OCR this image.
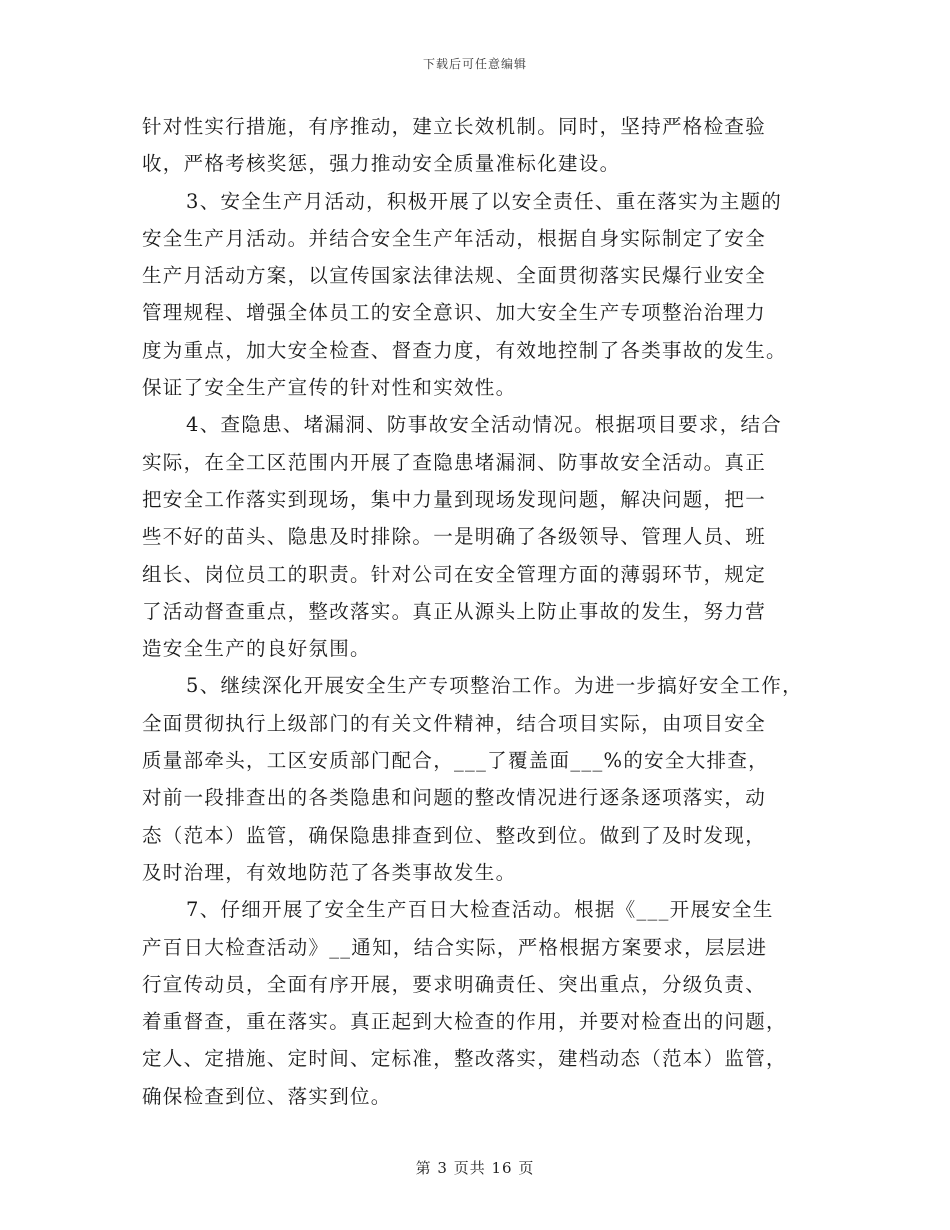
下载后可任意编辑
针对性实行措施，有序推动，建立长效机制。同时，坚持严格检查验
收，严格考核奖惩，强力推动安全质量准标化建设。
3、安全生产月活动，积极开展了以安全责任、重在落实为主题的
安全生产月活动。并结合安全生产年活动，根据自身实际制定了安全
生产月活动方案，以宣传国家法律法规、全面贯彻落实民爆行业安全
管理规程、增强全体员工的安全意识、加大安全生产专项整治治理力
度为重点，加大安全检查、督查力度，有效地控制了各类事故的发生。
保证了安全生产宣传的针对性和实效性。
4、查隐患、堵漏洞、防事故安全活动情况。根据项目要求，结合
实际，在全工区范围内开展了查隐患堵漏洞、防事故安全活动。真正
把安全工作落实到现场，集中力量到现场发现问题，解决问题，把一
些不好的苗头、隐患及时排除。一是明确了各级领导、管理人员、班
组长、岗位员工的职责。针对公司在安全管理方面的薄弱环节，规定
了活动督查重点，整改落实。真正从源头上防止事故的发生，努力营
造安全生产的良好氛围。
5、继续深化开展安全生产专项整治工作。为进一步搞好安全工作，
全面贯彻执行上级部门的有关文件精神，结合项目实际，由项目安全
质量部牵头，工区安质部门配合，___了覆盖面___%的安全大排查，
对前一段排查出的各类隐患和问题的整改情况进行逐条逐项落实，动
态（范本）监管，确保隐患排查到位、整改到位。做到了及时发现，
及时治理，有效地防范了各类事故发生。
7、仔细开展了安全生产百日大检查活动。根据《___开展安全生
产百日大检查活动》__通知，结合实际，严格根据方案要求，层层进
行宣传动员，全面有序开展，要求明确责任、突出重点，分级负责、
着重督查，重在落实。真正起到大检查的作用，并要对检查出的问题，
定人、定措施、定时间、定标准，整改落实，建档动态（范本）监管，
确保检查到位、落实到位。
第 3 页共 16 页
